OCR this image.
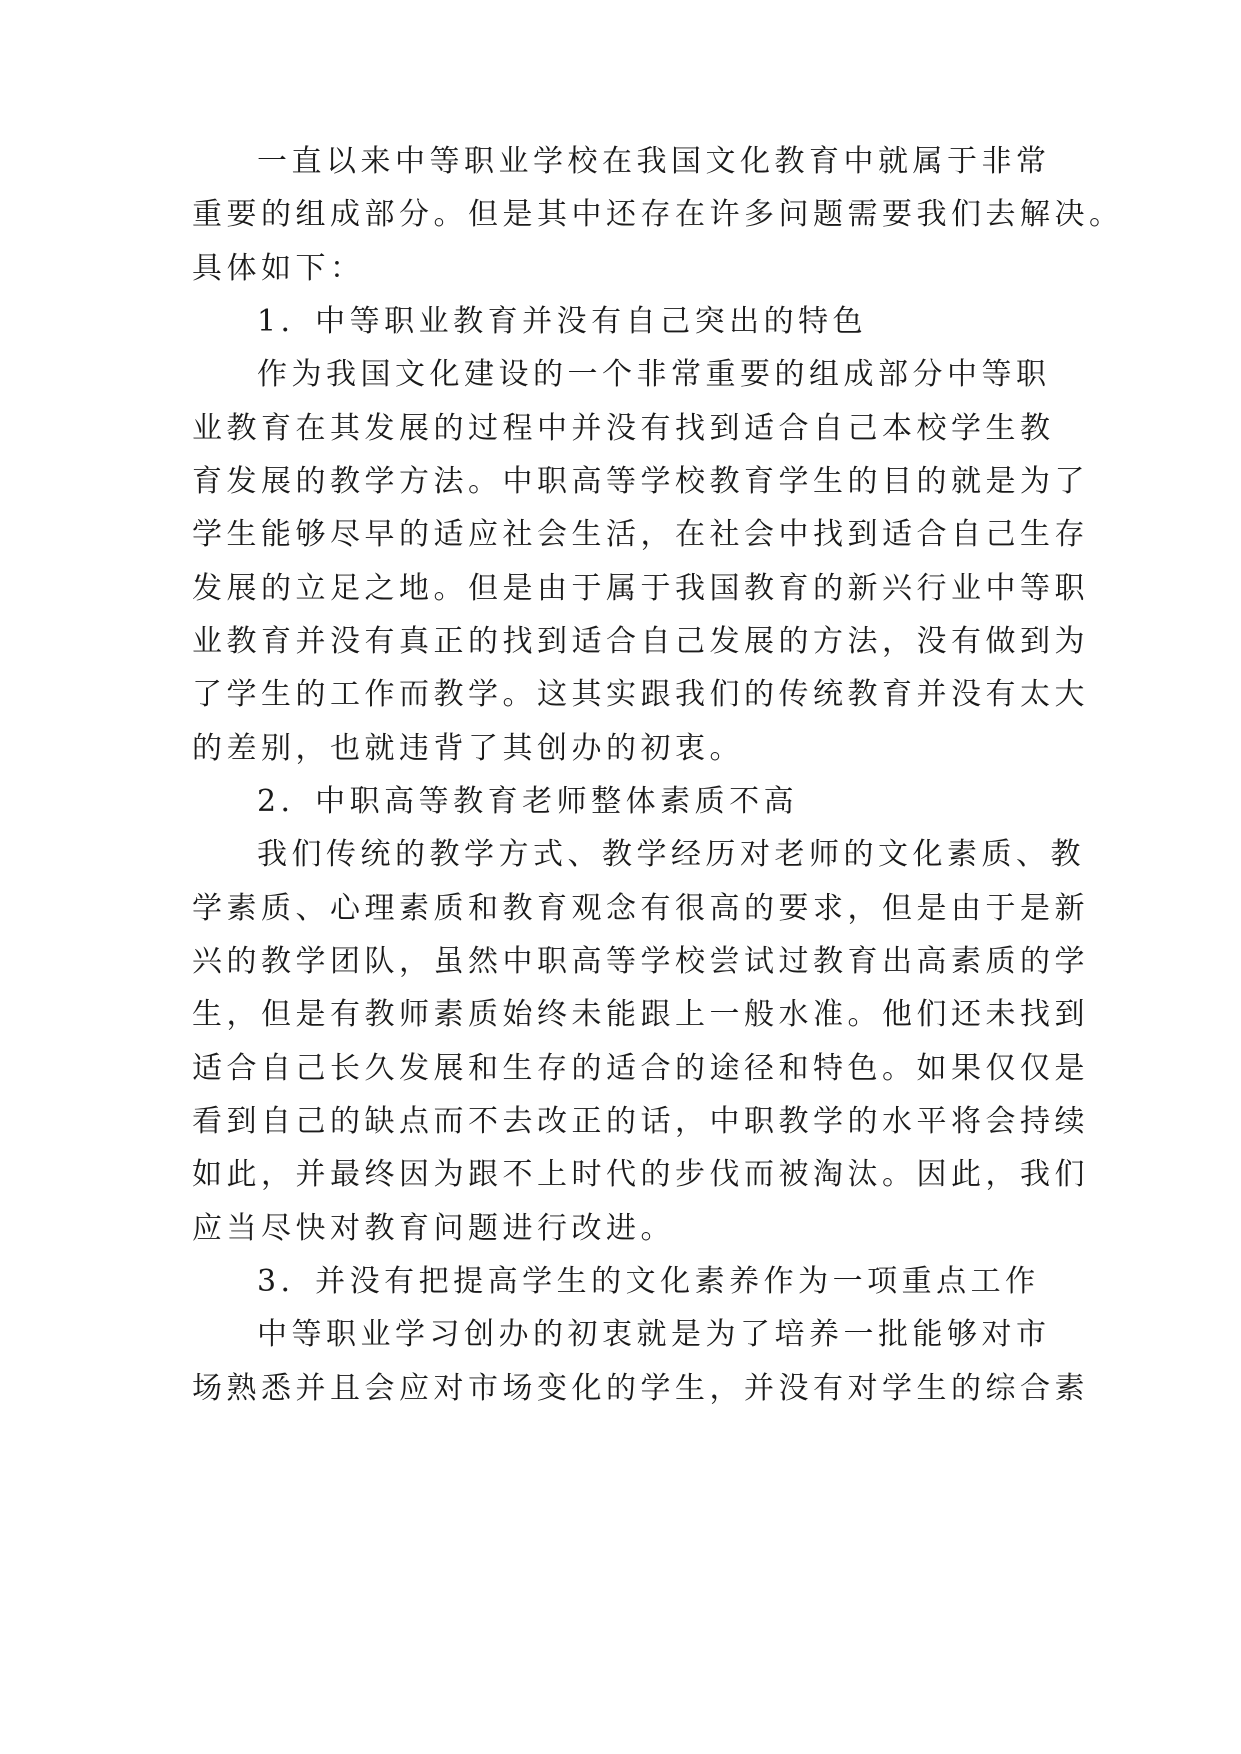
一直以来中等职业学校在我国文化教育中就属于非常
重要的组成部分。但是其中还存在许多问题需要我们去解决。
具体如下：
1．中等职业教育并没有自己突出的特色
作为我国文化建设的一个非常重要的组成部分中等职
业教育在其发展的过程中并没有找到适合自己本校学生教
育发展的教学方法。中职高等学校教育学生的目的就是为了
学生能够尽早的适应社会生活，在社会中找到适合自己生存
发展的立足之地。但是由于属于我国教育的新兴行业中等职
业教育并没有真正的找到适合自己发展的方法，没有做到为
了学生的工作而教学。这其实跟我们的传统教育并没有太大
的差别，也就违背了其创办的初衷。
2．中职高等教育老师整体素质不高
我们传统的教学方式、教学经历对老师的文化素质、教
学素质、心理素质和教育观念有很高的要求，但是由于是新
兴的教学团队，虽然中职高等学校尝试过教育出高素质的学
生，但是有教师素质始终未能跟上一般水准。他们还未找到
适合自己长久发展和生存的适合的途径和特色。如果仅仅是
看到自己的缺点而不去改正的话，中职教学的水平将会持续
如此，并最终因为跟不上时代的步伐而被淘汰。因此，我们
应当尽快对教育问题进行改进。
3．并没有把提高学生的文化素养作为一项重点工作
中等职业学习创办的初衷就是为了培养一批能够对市
场熟悉并且会应对市场变化的学生，并没有对学生的综合素
